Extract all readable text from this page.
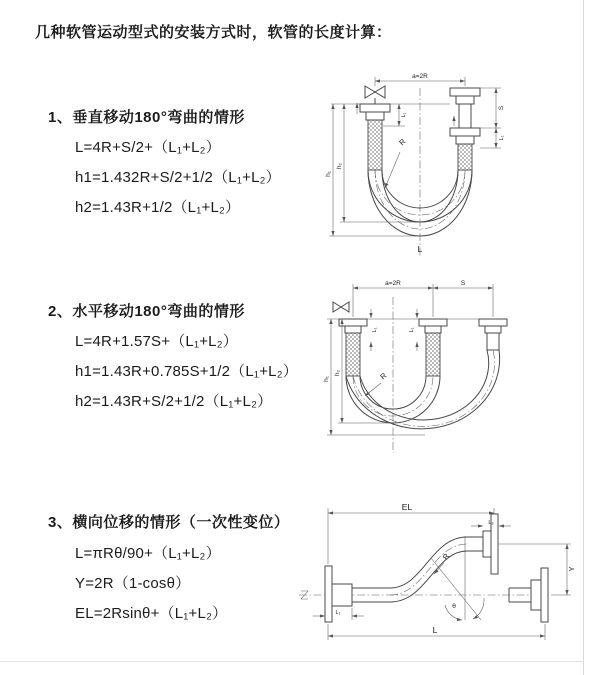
几种软管运动型式的安装方式时，软管的长度计算：
1、垂直移动180°弯曲的情形
L=4R+S/2+（L₁+L₂）
h1=1.432R+S/2+1/2（L₁+L₂）
h2=1.43R+1/2（L₁+L₂）
a=2R
L₁
S
L₁
h₁
h₂
R
L
2、水平移动180°弯曲的情形
L=4R+1.57S+（L₁+L₂）
h1=1.43R+0.785S+1/2（L₁+L₂）
h2=1.43R+S/2+1/2（L₁+L₂）
a=2R	S
L₁	L₁
h₁
h₂	R
3、横向位移的情形（一次性变位）
L=πRθ/90+（L₁+L₂）
Y=2R（1-cosθ）
EL=2Rsinθ+（L₁+L₂）
EL
L₂
Y
θ
R
L
L₁
